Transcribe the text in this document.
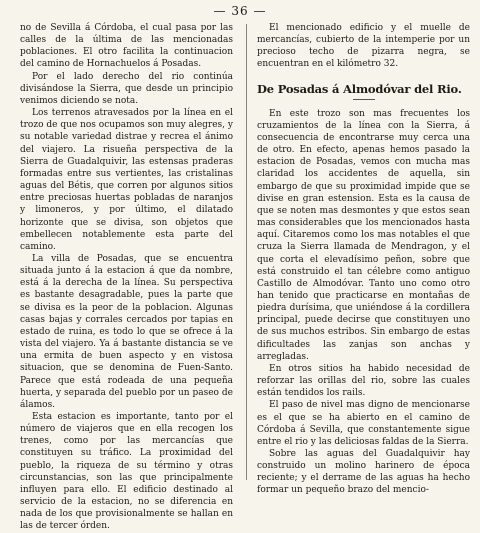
— 36 —

no de Sevilla á Córdoba, el cual pasa por las calles de la última de las mencionadas poblaciones. El otro facilita la continuacion del camino de Hornachuelos á Posadas.

Por el lado derecho del rio continúa divisándose la Sierra, que desde un principio venimos diciendo se nota.

Los terrenos atravesados por la línea en el trozo de que nos ocupamos son muy alegres, y su notable variedad distrae y recrea el ánimo del viajero. La risueña perspectiva de la Sierra de Guadalquivir, las estensas praderas formadas entre sus vertientes, las cristalinas aguas del Bétis, que corren por algunos sitios entre preciosas huertas pobladas de naranjos y limoneros, y por último, el dilatado horizonte que se divisa, son objetos que embellecen notablemente esta parte del camino.

La villa de Posadas, que se encuentra situada junto á la estacion á que da nombre, está á la derecha de la línea. Su perspectiva es bastante desagradable, pues la parte que se divisa es la peor de la poblacion. Algunas casas bajas y corrales cercados por tapias en estado de ruina, es todo lo que se ofrece á la vista del viajero. Ya á bastante distancia se ve una ermita de buen aspecto y en vistosa situacion, que se denomina de Fuen-Santo. Parece que está rodeada de una pequeña huerta, y separada del pueblo por un paseo de álamos.

Esta estacion es importante, tanto por el número de viajeros que en ella recogen los trenes, como por las mercancías que constituyen su tráfico. La proximidad del pueblo, la riqueza de su término y otras circunstancias, son las que principalmente influyen para ello. El edificio destinado al servicio de la estacion, no se diferencia en nada de los que provisionalmente se hallan en las de tercer órden.

El mencionado edificio y el muelle de mercancías, cubierto de la intemperie por un precioso techo de pizarra negra, se encuentran en el kilómetro 32.

De Posadas á Almodóvar del Rio.

En este trozo son mas frecuentes los cruzamientos de la línea con la Sierra, á consecuencia de encontrarse muy cerca una de otro. En efecto, apenas hemos pasado la estacion de Posadas, vemos con mucha mas claridad los accidentes de aquella, sin embargo de que su proximidad impide que se divise en gran estension. Esta es la causa de que se noten mas desmontes y que estos sean mas considerables que los mencionados hasta aquí. Citaremos como los mas notables el que cruza la Sierra llamada de Mendragon, y el que corta el elevadísimo peñon, sobre que está construido el tan célebre como antiguo Castillo de Almodóvar. Tanto uno como otro han tenido que practicarse en montañas de piedra durísima, que uniéndose á la cordillera principal, puede decirse que constituyen uno de sus muchos estribos. Sin embargo de estas dificultades las zanjas son anchas y arregladas.

En otros sitios ha habido necesidad de reforzar las orillas del rio, sobre las cuales están tendidos los rails.

El paso de nivel mas digno de mencionarse es el que se ha abierto en el camino de Córdoba á Sevilla, que constantemente sigue entre el rio y las deliciosas faldas de la Sierra.

Sobre las aguas del Guadalquivir hay construido un molino harinero de época reciente; y el derrame de las aguas ha hecho formar un pequeño brazo del mencio-
